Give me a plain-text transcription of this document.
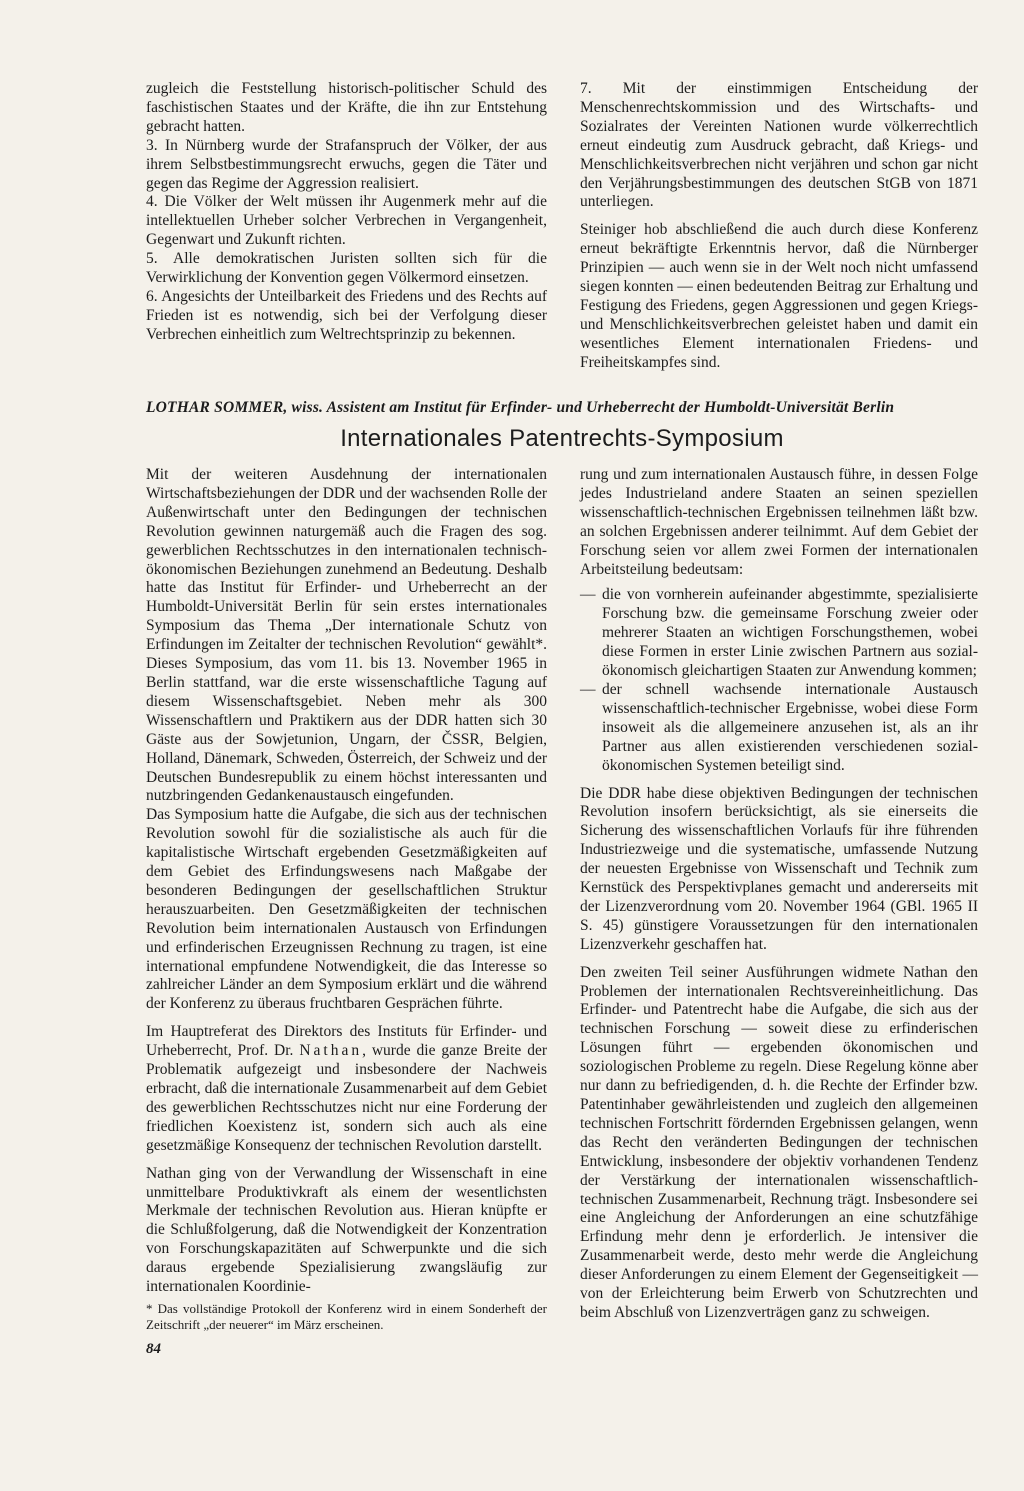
zugleich die Feststellung historisch-politischer Schuld des faschistischen Staates und der Kräfte, die ihn zur Entstehung gebracht hatten.

3. In Nürnberg wurde der Strafanspruch der Völker, der aus ihrem Selbstbestimmungsrecht erwuchs, gegen die Täter und gegen das Regime der Aggression realisiert.

4. Die Völker der Welt müssen ihr Augenmerk mehr auf die intellektuellen Urheber solcher Verbrechen in Vergangenheit, Gegenwart und Zukunft richten.

5. Alle demokratischen Juristen sollten sich für die Verwirklichung der Konvention gegen Völkermord einsetzen.

6. Angesichts der Unteilbarkeit des Friedens und des Rechts auf Frieden ist es notwendig, sich bei der Verfolgung dieser Verbrechen einheitlich zum Weltrechtsprinzip zu bekennen.

7. Mit der einstimmigen Entscheidung der Menschenrechtskommission und des Wirtschafts- und Sozialrates der Vereinten Nationen wurde völkerrechtlich erneut eindeutig zum Ausdruck gebracht, daß Kriegs- und Menschlichkeitsverbrechen nicht verjähren und schon gar nicht den Verjährungsbestimmungen des deutschen StGB von 1871 unterliegen.

Steiniger hob abschließend die auch durch diese Konferenz erneut bekräftigte Erkenntnis hervor, daß die Nürnberger Prinzipien — auch wenn sie in der Welt noch nicht umfassend siegen konnten — einen bedeutenden Beitrag zur Erhaltung und Festigung des Friedens, gegen Aggressionen und gegen Kriegs- und Menschlichkeitsverbrechen geleistet haben und damit ein wesentliches Element internationalen Friedens- und Freiheitskampfes sind.

LOTHAR SOMMER, wiss. Assistent am Institut für Erfinder- und Urheberrecht der Humboldt-Universität Berlin
Internationales Patentrechts-Symposium

Mit der weiteren Ausdehnung der internationalen Wirtschaftsbeziehungen der DDR und der wachsenden Rolle der Außenwirtschaft unter den Bedingungen der technischen Revolution gewinnen naturgemäß auch die Fragen des sog. gewerblichen Rechtsschutzes in den internationalen technisch-ökonomischen Beziehungen zunehmend an Bedeutung. Deshalb hatte das Institut für Erfinder- und Urheberrecht an der Humboldt-Universität Berlin für sein erstes internationales Symposium das Thema „Der internationale Schutz von Erfindungen im Zeitalter der technischen Revolution“ gewählt*. Dieses Symposium, das vom 11. bis 13. November 1965 in Berlin stattfand, war die erste wissenschaftliche Tagung auf diesem Wissenschaftsgebiet. Neben mehr als 300 Wissenschaftlern und Praktikern aus der DDR hatten sich 30 Gäste aus der Sowjetunion, Ungarn, der ČSSR, Belgien, Holland, Dänemark, Schweden, Österreich, der Schweiz und der Deutschen Bundesrepublik zu einem höchst interessanten und nutzbringenden Gedankenaustausch eingefunden.

Das Symposium hatte die Aufgabe, die sich aus der technischen Revolution sowohl für die sozialistische als auch für die kapitalistische Wirtschaft ergebenden Gesetzmäßigkeiten auf dem Gebiet des Erfindungswesens nach Maßgabe der besonderen Bedingungen der gesellschaftlichen Struktur herauszuarbeiten. Den Gesetzmäßigkeiten der technischen Revolution beim internationalen Austausch von Erfindungen und erfinderischen Erzeugnissen Rechnung zu tragen, ist eine international empfundene Notwendigkeit, die das Interesse so zahlreicher Länder an dem Symposium erklärt und die während der Konferenz zu überaus fruchtbaren Gesprächen führte.

Im Hauptreferat des Direktors des Instituts für Erfinder- und Urheberrecht, Prof. Dr. Nathan, wurde die ganze Breite der Problematik aufgezeigt und insbesondere der Nachweis erbracht, daß die internationale Zusammenarbeit auf dem Gebiet des gewerblichen Rechtsschutzes nicht nur eine Forderung der friedlichen Koexistenz ist, sondern sich auch als eine gesetzmäßige Konsequenz der technischen Revolution darstellt.

Nathan ging von der Verwandlung der Wissenschaft in eine unmittelbare Produktivkraft als einem der wesentlichsten Merkmale der technischen Revolution aus. Hieran knüpfte er die Schlußfolgerung, daß die Notwendigkeit der Konzentration von Forschungskapazitäten auf Schwerpunkte und die sich daraus ergebende Spezialisierung zwangsläufig zur internationalen Koordinie-

rung und zum internationalen Austausch führe, in dessen Folge jedes Industrieland andere Staaten an seinen speziellen wissenschaftlich-technischen Ergebnissen teilnehmen läßt bzw. an solchen Ergebnissen anderer teilnimmt. Auf dem Gebiet der Forschung seien vor allem zwei Formen der internationalen Arbeitsteilung bedeutsam:

— die von vornherein aufeinander abgestimmte, spezialisierte Forschung bzw. die gemeinsame Forschung zweier oder mehrerer Staaten an wichtigen Forschungsthemen, wobei diese Formen in erster Linie zwischen Partnern aus sozial-ökonomisch gleichartigen Staaten zur Anwendung kommen;
— der schnell wachsende internationale Austausch wissenschaftlich-technischer Ergebnisse, wobei diese Form insoweit als die allgemeinere anzusehen ist, als an ihr Partner aus allen existierenden verschiedenen sozial-ökonomischen Systemen beteiligt sind.

Die DDR habe diese objektiven Bedingungen der technischen Revolution insofern berücksichtigt, als sie einerseits die Sicherung des wissenschaftlichen Vorlaufs für ihre führenden Industriezweige und die systematische, umfassende Nutzung der neuesten Ergebnisse von Wissenschaft und Technik zum Kernstück des Perspektivplanes gemacht und andererseits mit der Lizenzverordnung vom 20. November 1964 (GBl. 1965 II S. 45) günstigere Voraussetzungen für den internationalen Lizenzverkehr geschaffen hat.

Den zweiten Teil seiner Ausführungen widmete Nathan den Problemen der internationalen Rechtsvereinheitlichung. Das Erfinder- und Patentrecht habe die Aufgabe, die sich aus der technischen Forschung — soweit diese zu erfinderischen Lösungen führt — ergebenden ökonomischen und soziologischen Probleme zu regeln. Diese Regelung könne aber nur dann zu befriedigenden, d. h. die Rechte der Erfinder bzw. Patentinhaber gewährleistenden und zugleich den allgemeinen technischen Fortschritt fördernden Ergebnissen gelangen, wenn das Recht den veränderten Bedingungen der technischen Entwicklung, insbesondere der objektiv vorhandenen Tendenz der Verstärkung der internationalen wissenschaftlich-technischen Zusammenarbeit, Rechnung trägt. Insbesondere sei eine Angleichung der Anforderungen an eine schutzfähige Erfindung mehr denn je erforderlich. Je intensiver die Zusammenarbeit werde, desto mehr werde die Angleichung dieser Anforderungen zu einem Element der Gegenseitigkeit — von der Erleichterung beim Erwerb von Schutzrechten und beim Abschluß von Lizenzverträgen ganz zu schweigen.

* Das vollständige Protokoll der Konferenz wird in einem Sonderheft der Zeitschrift „der neuerer“ im März erscheinen.
84
